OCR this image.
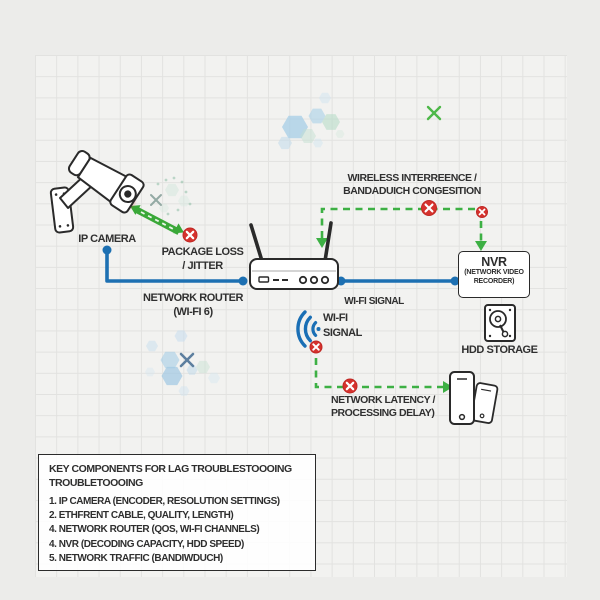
IP CAMERA
PACKAGE LOSS
/ JITTER
NETWORK ROUTER
(WI-FI 6)
WIRELESS INTERREENCE /
BANDADUICH CONGESITION
WI-FI SIGNAL
WI-FI
SIGNAL
NETWORK LATENCY /
PROCESSING DELAY)
NVR
(NETWORK VIDEO
RECORDER)
HDD STORAGE
KEY COMPONENTS FOR LAG TROUBLESTOOOING
TROUBLETOOOING
1. IP CAMERA (ENCODER, RESOLUTION SETTINGS)
2. ETHFRENT CABLE, QUALITY, LENGTH)
4. NETWORK ROUTER (QOS, WI-FI CHANNELS)
4. NVR (DECODING CAPACITY, HDD SPEED)
5. NETWORK TRAFFIC (BANDIWDUCH)
